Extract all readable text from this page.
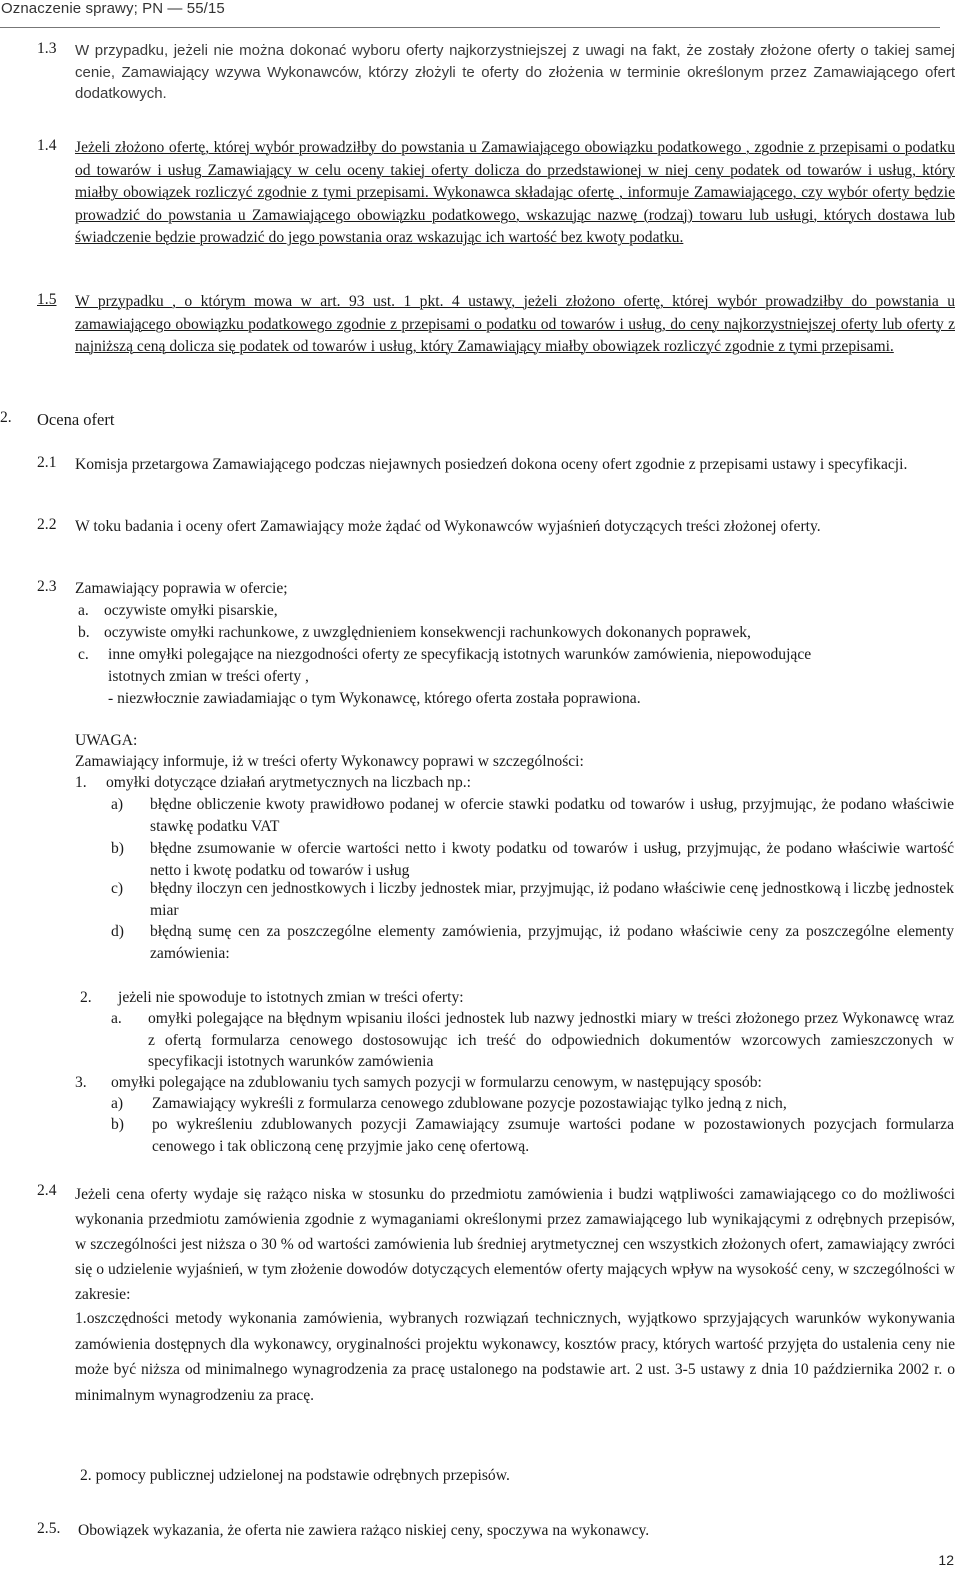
Oznaczenie sprawy; PN — 55/15
1.3	W przypadku, jeżeli nie można dokonać wyboru oferty najkorzystniejszej z uwagi na fakt, że zostały złożone oferty o takiej samej cenie, Zamawiający wzywa Wykonawców, którzy złożyli te oferty do złożenia w terminie określonym przez Zamawiającego ofert dodatkowych.
1.4 Jeżeli złożono ofertę, której wybór prowadziłby do powstania u Zamawiającego obowiązku podatkowego , zgodnie z przepisami o podatku od towarów i usług Zamawiający w celu oceny takiej oferty dolicza do przedstawionej w niej ceny podatek od towarów i usług, który miałby obowiązek rozliczyć zgodnie z tymi przepisami. Wykonawca składając ofertę , informuje Zamawiającego, czy wybór oferty będzie prowadzić do powstania u Zamawiającego obowiązku podatkowego, wskazując nazwę (rodzaj) towaru lub usługi, których dostawa lub świadczenie będzie prowadzić do jego powstania oraz wskazując ich wartość bez kwoty podatku.
1.5 W przypadku , o którym mowa w art. 93 ust. 1 pkt. 4 ustawy, jeżeli złożono ofertę, której wybór prowadziłby do powstania u zamawiającego obowiązku podatkowego zgodnie z przepisami o podatku od towarów i usług, do ceny najkorzystniejszej oferty lub oferty z najniższą ceną dolicza się podatek od towarów i usług, który Zamawiający miałby obowiązek rozliczyć zgodnie z tymi przepisami.
2. Ocena ofert
2.1 Komisja przetargowa Zamawiającego podczas niejawnych posiedzeń dokona oceny ofert zgodnie z przepisami ustawy i specyfikacji.
2.2 W toku badania i oceny ofert Zamawiający może żądać od Wykonawców wyjaśnień dotyczących treści złożonej oferty.
2.3 Zamawiający poprawia w ofercie;
a. oczywiste omyłki pisarskie,
b. oczywiste omyłki rachunkowe, z uwzględnieniem konsekwencji rachunkowych dokonanych poprawek,
c. inne omyłki polegające na niezgodności oferty ze specyfikacją istotnych warunków zamówienia, niepowodujące
istotnych zmian w treści oferty ,
- niezwłocznie zawiadamiając o tym Wykonawcę, którego oferta została poprawiona.
UWAGA:
Zamawiający informuje, iż w treści oferty Wykonawcy poprawi w szczególności:
1. omyłki dotyczące działań arytmetycznych na liczbach np.:
a) błędne obliczenie kwoty prawidłowo podanej w ofercie stawki podatku od towarów i usług, przyjmując, że podano właściwie stawkę podatku VAT
b) błędne zsumowanie w ofercie wartości netto i kwoty podatku od towarów i usług, przyjmując, że podano właściwie wartość netto i kwotę podatku od towarów i usług
c) błędny iloczyn cen jednostkowych i liczby jednostek miar, przyjmując, iż podano właściwie cenę jednostkową i liczbę jednostek miar
d) błędną sumę cen za poszczególne elementy zamówienia, przyjmując, iż podano właściwie ceny za poszczególne elementy zamówienia:
2. jeżeli nie spowoduje to istotnych zmian w treści oferty:
a. omyłki polegające na błędnym wpisaniu ilości jednostek lub nazwy jednostki miary w treści złożonego przez Wykonawcę wraz z ofertą formularza cenowego dostosowując ich treść do odpowiednich dokumentów wzorcowych zamieszczonych w specyfikacji istotnych warunków zamówienia
3. omyłki polegające na zdublowaniu tych samych pozycji w formularzu cenowym, w następujący sposób:
a) Zamawiający wykreśli z formularza cenowego zdublowane pozycje pozostawiając tylko jedną z nich,
b) po wykreśleniu zdublowanych pozycji Zamawiający zsumuje wartości podane w pozostawionych pozycjach formularza cenowego i tak obliczoną cenę przyjmie jako cenę ofertową.
2.4 Jeżeli cena oferty wydaje się rażąco niska w stosunku do przedmiotu zamówienia i budzi wątpliwości zamawiającego co do możliwości wykonania przedmiotu zamówienia zgodnie z wymaganiami określonymi przez zamawiającego lub wynikającymi z odrębnych przepisów, w szczególności jest niższa o 30 % od wartości zamówienia lub średniej arytmetycznej cen wszystkich złożonych ofert, zamawiający zwróci się o udzielenie wyjaśnień, w tym złożenie dowodów dotyczących elementów oferty mających wpływ na wysokość ceny, w szczególności w zakresie:
1.oszczędności metody wykonania zamówienia, wybranych rozwiązań technicznych, wyjątkowo sprzyjających warunków wykonywania zamówienia dostępnych dla wykonawcy, oryginalności projektu wykonawcy, kosztów pracy, których wartość przyjęta do ustalenia ceny nie może być niższa od minimalnego wynagrodzenia za pracę ustalonego na podstawie art. 2 ust. 3-5 ustawy z dnia 10 października 2002 r. o minimalnym wynagrodzeniu za pracę.
2. pomocy publicznej udzielonej na podstawie odrębnych przepisów.
2.5. Obowiązek wykazania, że oferta nie zawiera rażąco niskiej ceny, spoczywa na wykonawcy.
12
